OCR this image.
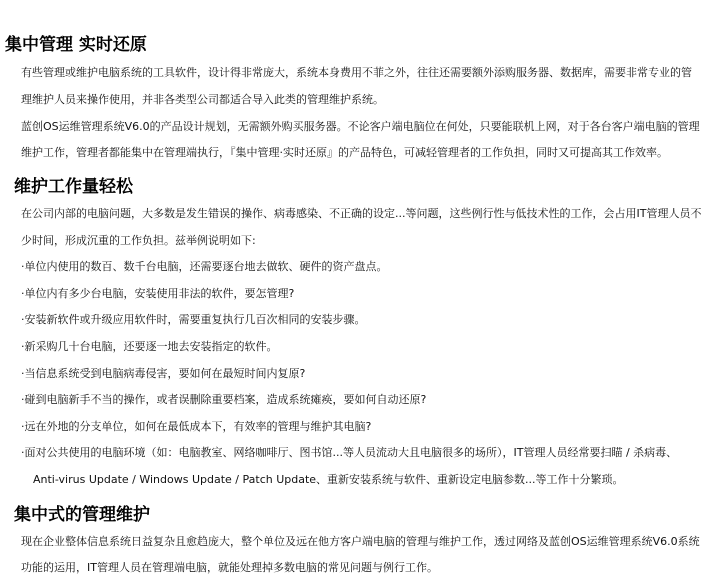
集中管理 实时还原
有些管理或维护电脑系统的工具软件，设计得非常庞大，系统本身费用不菲之外，往往还需要额外添购服务器、数据库，需要非常专业的管
理维护人员来操作使用，并非各类型公司都适合导入此类的管理维护系统。
蓝创OS运维管理系统V6.0的产品设计规划，无需额外购买服务器。不论客户端电脑位在何处，只要能联机上网，对于各台客户端电脑的管理
维护工作，管理者都能集中在管理端执行，『集中管理·实时还原』的产品特色，可减轻管理者的工作负担，同时又可提高其工作效率。
维护工作量轻松
在公司内部的电脑问题，大多数是发生错误的操作、病毒感染、不正确的设定...等问题，这些例行性与低技术性的工作，会占用IT管理人员不
少时间，形成沉重的工作负担。兹举例说明如下:
·单位内使用的数百、数千台电脑，还需要逐台地去做软、硬件的资产盘点。
·单位内有多少台电脑，安装使用非法的软件，要怎管理?
·安装新软件或升级应用软件时，需要重复执行几百次相同的安装步骤。
·新采购几十台电脑，还要逐一地去安装指定的软件。
·当信息系统受到电脑病毒侵害，要如何在最短时间内复原?
·碰到电脑新手不当的操作，或者误删除重要档案，造成系统瘫痪，要如何自动还原?
·远在外地的分支单位，如何在最低成本下，有效率的管理与维护其电脑?
·面对公共使用的电脑环境（如：电脑教室、网络咖啡厅、图书馆...等人员流动大且电脑很多的场所），IT管理人员经常要扫瞄 / 杀病毒、
Anti-virus Update / Windows Update / Patch Update、重新安装系统与软件、重新设定电脑参数...等工作十分繁琐。
集中式的管理维护
现在企业整体信息系统日益复杂且愈趋庞大，整个单位及远在他方客户端电脑的管理与维护工作，透过网络及蓝创OS运维管理系统V6.0系统
功能的运用，IT管理人员在管理端电脑，就能处理掉多数电脑的常见问题与例行工作。
